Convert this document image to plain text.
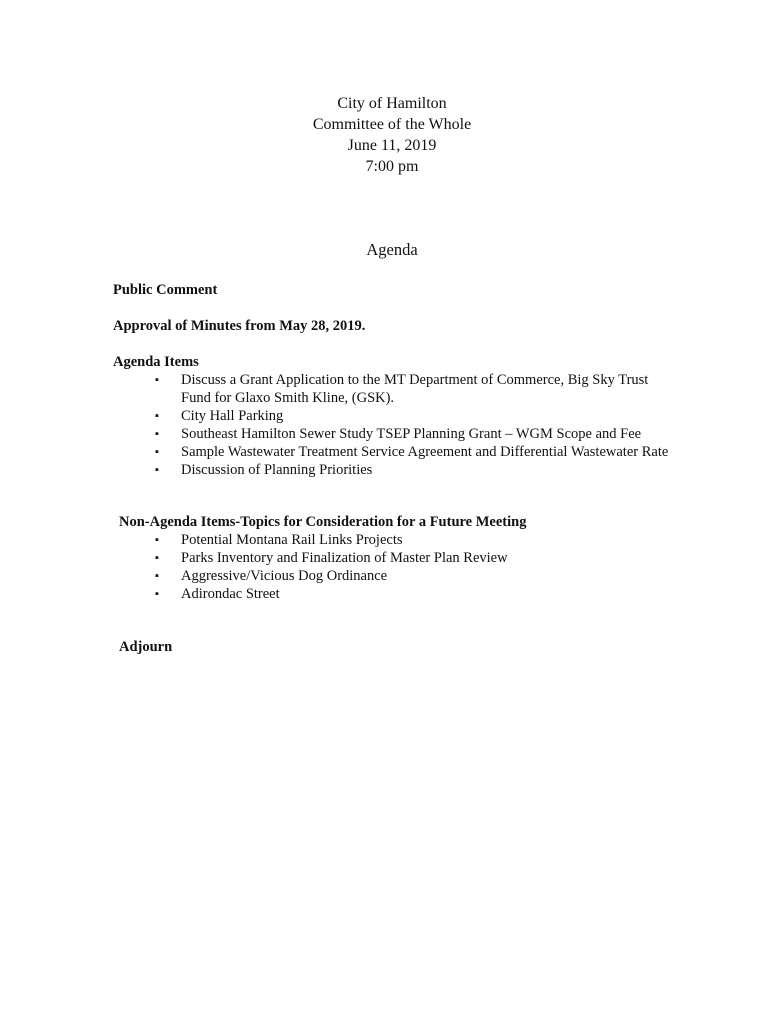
City of Hamilton
Committee of the Whole
June 11, 2019
7:00 pm
Agenda
Public Comment
Approval of Minutes from May 28, 2019.
Agenda Items
▪ Discuss a Grant Application to the MT Department of Commerce, Big Sky Trust Fund for Glaxo Smith Kline, (GSK).
▪ City Hall Parking
▪ Southeast Hamilton Sewer Study TSEP Planning Grant – WGM Scope and Fee
▪ Sample Wastewater Treatment Service Agreement and Differential Wastewater Rate
▪ Discussion of Planning Priorities
Non-Agenda Items-Topics for Consideration for a Future Meeting
▪ Potential Montana Rail Links Projects
▪ Parks Inventory and Finalization of Master Plan Review
▪ Aggressive/Vicious Dog Ordinance
▪ Adirondac Street
Adjourn
